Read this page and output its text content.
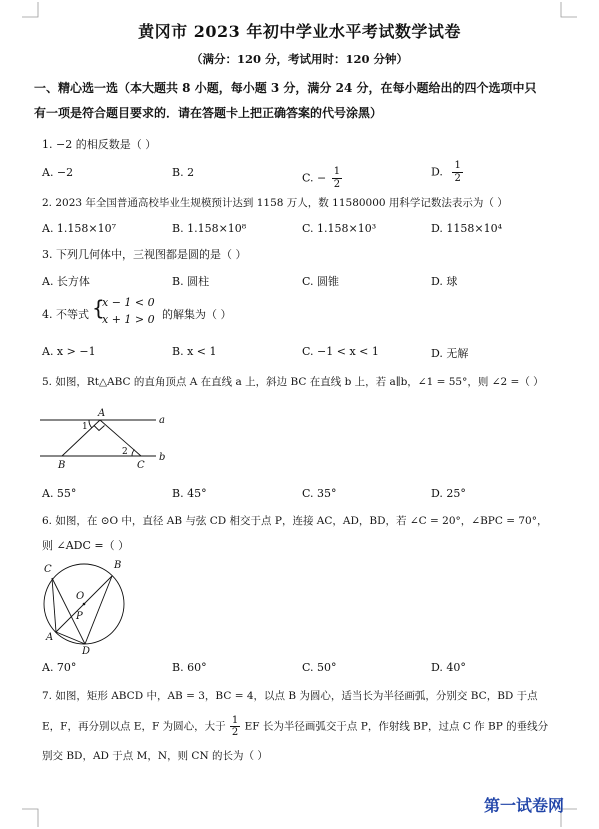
黄冈市 2023 年初中学业水平考试数学试卷
（满分：120 分，考试用时：120 分钟）
一、精心选一选（本大题共 8 小题，每小题 3 分，满分 24 分，在每小题给出的四个选项中只
有一项是符合题目要求的．请在答题卡上把正确答案的代号涂黑）
1. −2 的相反数是（ ）
A. −2	B. 2	C. − $\frac{1}{2}$	D. $\frac{1}{2}$
2. 2023 年全国普通高校毕业生规模预计达到 1158 万人，数 11580000 用科学记数法表示为（ ）
A. 1.158×10⁷	B. 1.158×10⁸	C. 1.158×10³	D. 1158×10⁴
3. 下列几何体中，三视图都是圆的是（ ）
A. 长方体	B. 圆柱	C. 圆锥	D. 球
4. 不等式 {
x − 1 < 0
x + 1 > 0 的解集为（ ）
A. x > −1	B. x < 1	C. −1 < x < 1	D. 无解
5. 如图，Rt△ABC 的直角顶点 A 在直线 a 上，斜边 BC 在直线 b 上，若 a∥b，∠1 = 55°，则 ∠2 =（ ）
a
b
A
B	C
1
2
A. 55°	B. 45°	C. 35°	D. 25°
6. 如图，在 ⊙O 中，直径 AB 与弦 CD 相交于点 P，连接 AC，AD，BD，若 ∠C = 20°，∠BPC = 70°，
则 ∠ADC =（ ）
C	B
O
P
A
D
A. 70°	B. 60°	C. 50°	D. 40°
7. 如图，矩形 ABCD 中，AB = 3，BC = 4，以点 B 为圆心，适当长为半径画弧，分别交 BC，BD 于点
E，F，再分别以点 E，F 为圆心，大于 $\frac{1}{2}$ EF 长为半径画弧交于点 P，作射线 BP，过点 C 作 BP 的垂线分
别交 BD，AD 于点 M，N，则 CN 的长为（ ）
第一试卷网
